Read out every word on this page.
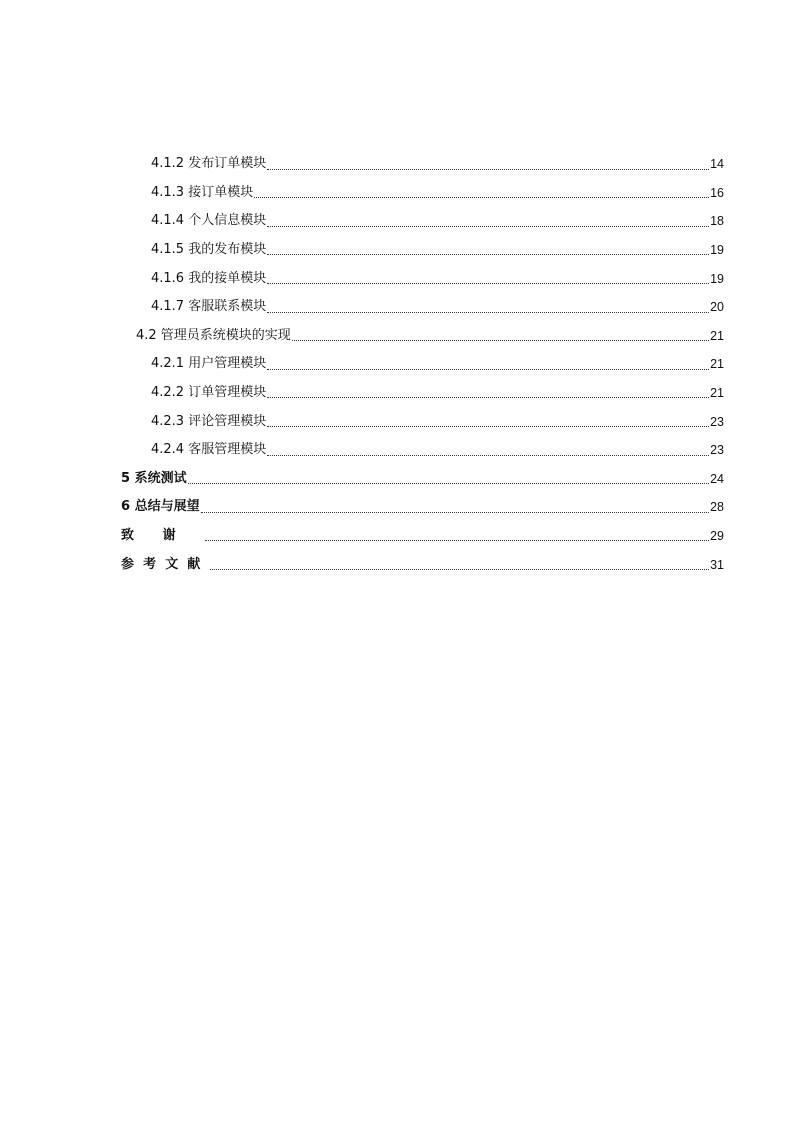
4.1.2 发布订单模块	14
4.1.3 接订单模块	16
4.1.4 个人信息模块	18
4.1.5 我的发布模块	19
4.1.6 我的接单模块	19
4.1.7 客服联系模块	20
4.2 管理员系统模块的实现	21
4.2.1 用户管理模块	21
4.2.2 订单管理模块	21
4.2.3 评论管理模块	23
4.2.4 客服管理模块	23
5 系统测试	24
6 总结与展望	28
致谢	29
参考文献	31
